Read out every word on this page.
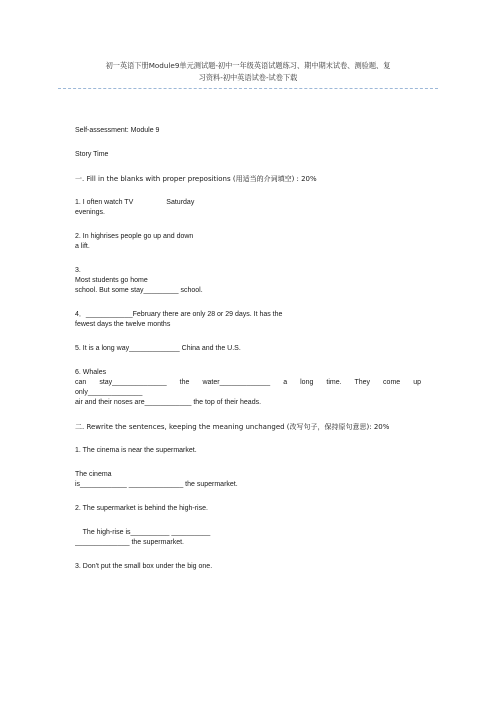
初一英语下册Module9单元测试题-初中一年级英语试题练习、期中期末试卷、测验题、复
习资料-初中英语试卷-试卷下载
Self-assessment: Module 9
Story Time
一. Fill in the blanks with proper prepositions (用适当的介词填空) : 20%
1. I often watch TV                 Saturday
evenings.
2. In highrises people go up and down
a lift.
3.
Most students go home
school. But some stay_________ school.
4．____________February there are only 28 or 29 days. It has the
fewest days the twelve months
5. It is a long way_____________ China and the U.S.
6. Whales
can stay______________ the water_____________ a long time. They come up
only______________
air and their noses are____________ the top of their heads.
二. Rewrite the sentences, keeping the meaning unchanged (改写句子，保持原句意思): 20%
1. The cinema is near the supermarket.
The cinema
is____________ ______________ the supermarket.
2. The supermarket is behind the high-rise.
The high-rise is__________ __________
______________ the supermarket.
3. Don't put the small box under the big one.
